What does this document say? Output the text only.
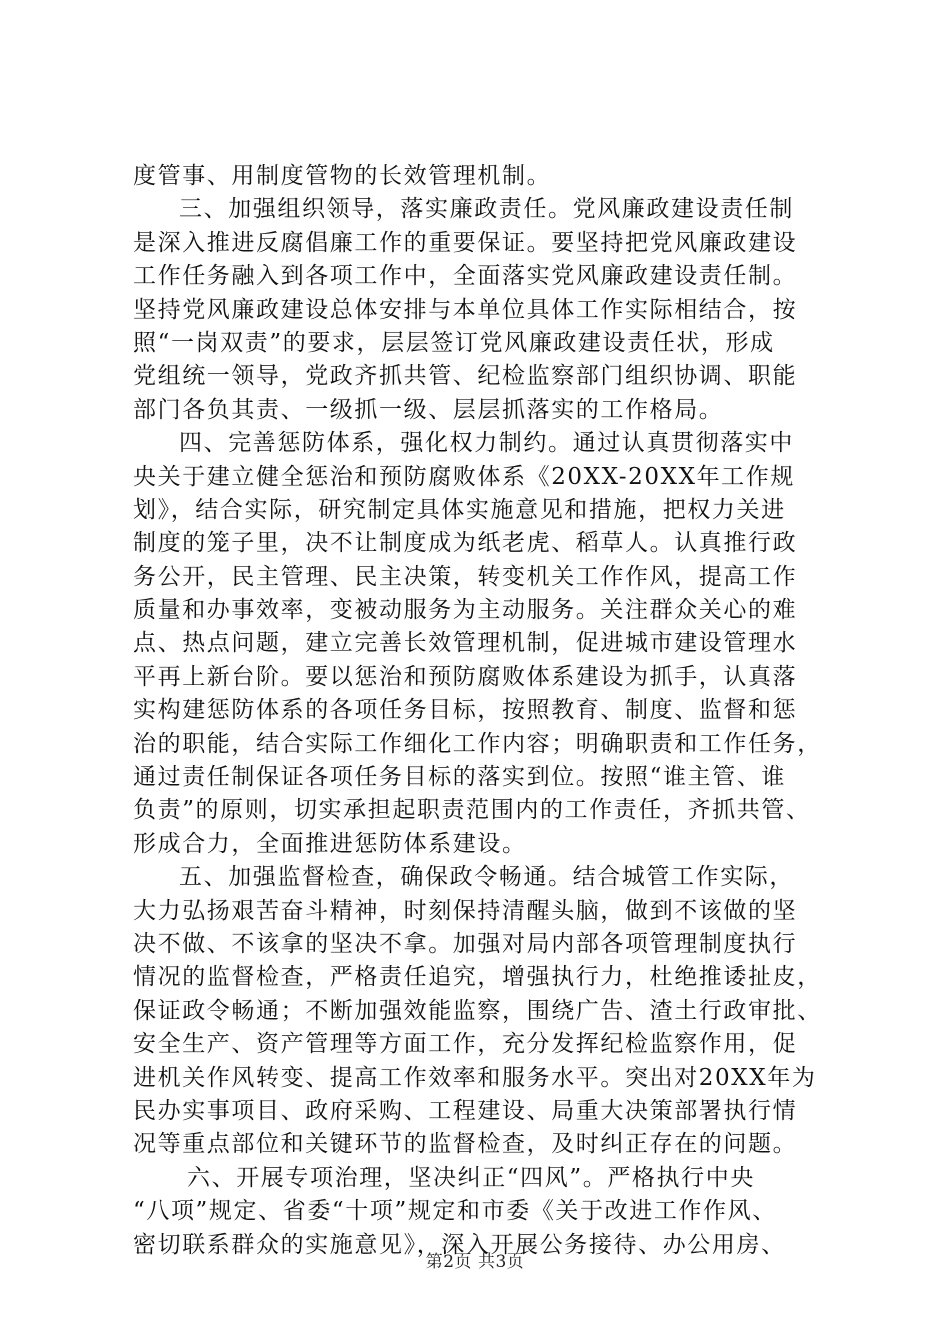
度管事、用制度管物的长效管理机制。
三、加强组织领导，落实廉政责任。党风廉政建设责任制
是深入推进反腐倡廉工作的重要保证。要坚持把党风廉政建设
工作任务融入到各项工作中，全面落实党风廉政建设责任制。
坚持党风廉政建设总体安排与本单位具体工作实际相结合，按
照“一岗双责”的要求，层层签订党风廉政建设责任状，形成
党组统一领导，党政齐抓共管、纪检监察部门组织协调、职能
部门各负其责、一级抓一级、层层抓落实的工作格局。
四、完善惩防体系，强化权力制约。通过认真贯彻落实中
央关于建立健全惩治和预防腐败体系《20XX-20XX年工作规
划》，结合实际，研究制定具体实施意见和措施，把权力关进
制度的笼子里，决不让制度成为纸老虎、稻草人。认真推行政
务公开，民主管理、民主决策，转变机关工作作风，提高工作
质量和办事效率，变被动服务为主动服务。关注群众关心的难
点、热点问题，建立完善长效管理机制，促进城市建设管理水
平再上新台阶。要以惩治和预防腐败体系建设为抓手，认真落
实构建惩防体系的各项任务目标，按照教育、制度、监督和惩
治的职能，结合实际工作细化工作内容；明确职责和工作任务，
通过责任制保证各项任务目标的落实到位。按照“谁主管、谁
负责”的原则，切实承担起职责范围内的工作责任，齐抓共管、
形成合力，全面推进惩防体系建设。
五、加强监督检查，确保政令畅通。结合城管工作实际，
大力弘扬艰苦奋斗精神，时刻保持清醒头脑，做到不该做的坚
决不做、不该拿的坚决不拿。加强对局内部各项管理制度执行
情况的监督检查，严格责任追究，增强执行力，杜绝推诿扯皮，
保证政令畅通；不断加强效能监察，围绕广告、渣土行政审批、
安全生产、资产管理等方面工作，充分发挥纪检监察作用，促
进机关作风转变、提高工作效率和服务水平。突出对20XX年为
民办实事项目、政府采购、工程建设、局重大决策部署执行情
况等重点部位和关键环节的监督检查，及时纠正存在的问题。
六、开展专项治理，坚决纠正“四风”。严格执行中央
“八项”规定、省委“十项”规定和市委《关于改进工作作风、
密切联系群众的实施意见》，深入开展公务接待、办公用房、
第2页 共3页
